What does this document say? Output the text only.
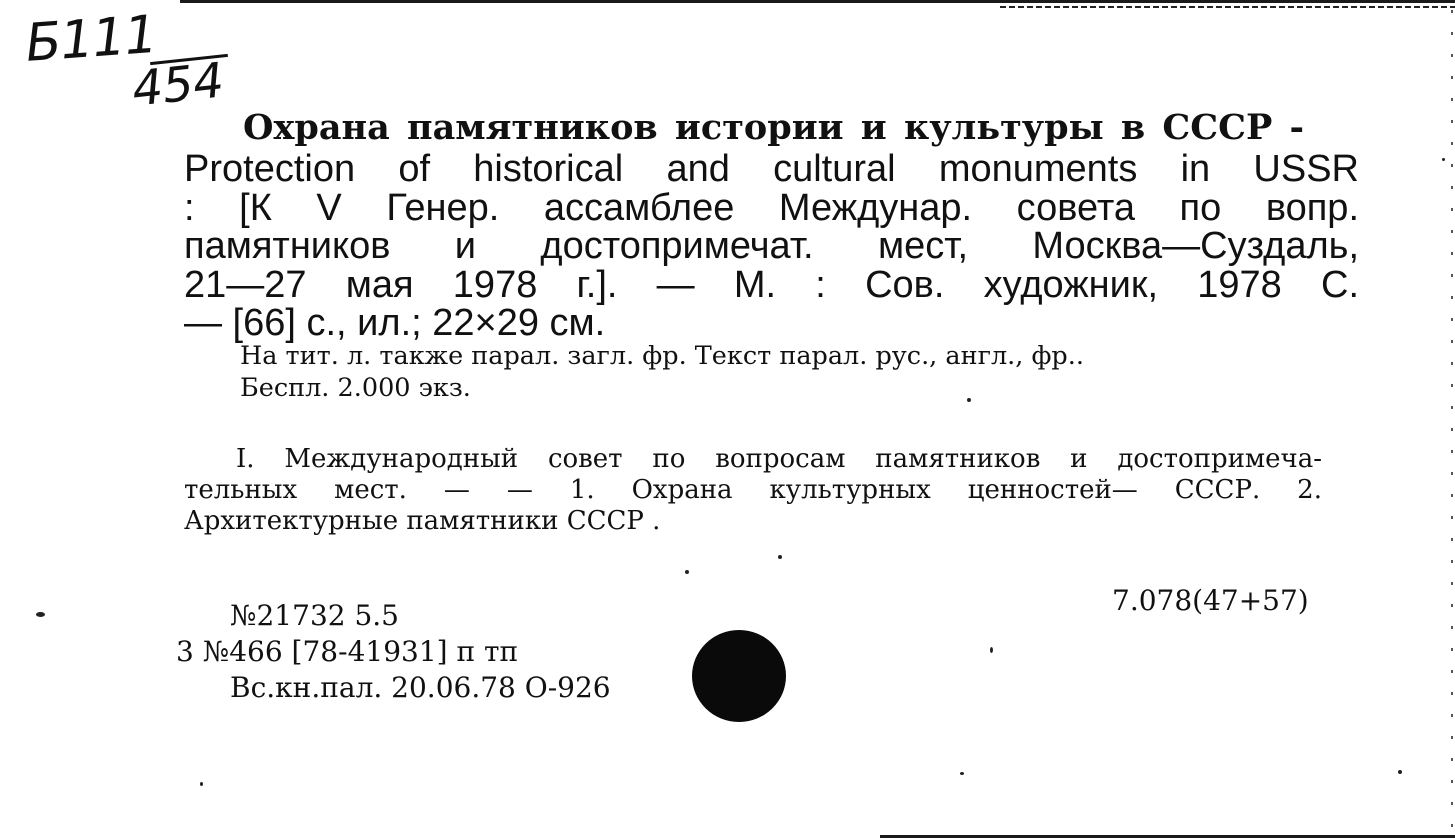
Б111
454
Охрана памятников истории и культуры в СССР -
Protection of historical and cultural monuments in USSR
: [К V Генер. ассамблее Междунар. совета по вопр.
памятников и достопримечат. мест, Москва—Суздаль,
21—27 мая 1978 г.]. — М. : Сов. художник, 1978 С.
— [66] с., ил.; 22×29 см.
На тит. л. также парал. загл. фр. Текст парал. рус., англ., фр..
Беспл. 2.000 экз.
I. Международный совет по вопросам памятников и достопримеча-
тельных мест. — — 1. Охрана культурных ценностей— СССР. 2.
Архитектурные памятники СССР .
7.078(47+57)
№21732 5.5
3 №466 [78-41931] п тп
Вс.кн.пал. 20.06.78 О-926
